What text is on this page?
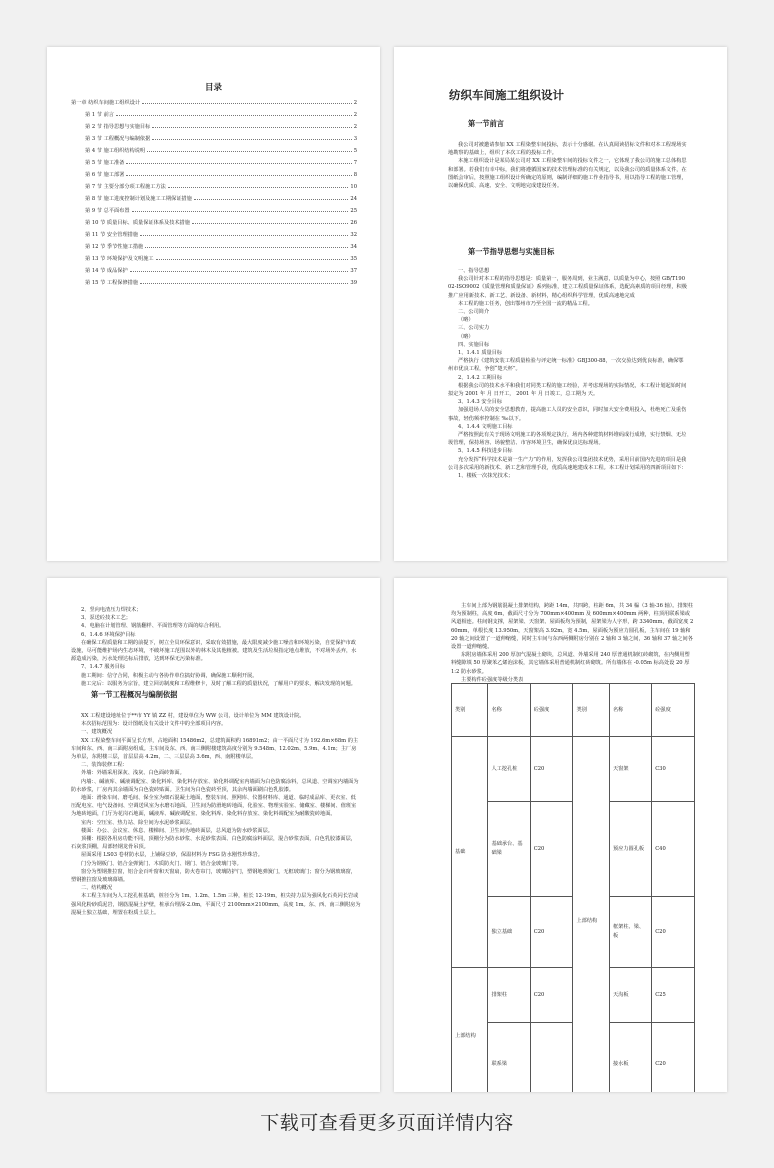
目录
第一章 纺织车间施工组织设计	2
第 1 节 前言	2
第 2 节 指导思想与实施目标	2
第 3 节 工程概况与编制依据	3
第 4 节 施工组织结构说明	5
第 5 节 施工准备	7
第 6 节 施工部署	8
第 7 节 主要分部分项工程施工方法	10
第 8 节 施工进度控制计划及施工工期保证措施	24
第 9 节 总平面布置	25
第 10 节 质量目标、质量保证体系及技术措施	26
第 11 节 安全管理措施	32
第 12 节 季节性施工措施	34
第 13 节 环境保护及文明施工	35
第 14 节 成品保护	37
第 15 节 工程保修措施	39
​
纺织车间施工组织设计
第一节前言

我公司对被邀请参加 XX 工程染整车间投标，表示十分感谢。在认真阅读招标文件和对本工程现场实地勘察的基础上，组织了本次工程的投标工作。

本施工组织设计是某局某公司对 XX 工程染整车间的投标文件之一，它体现了我公司的施工总体构思和部署。若我们有幸中标，我们将遵循国家的技术管理标准的有关规定，以及我公司的质量体系文件，在图纸会审后，按照施工组织设计所确定的原则，编制详细的施工作业指导书，用以指导工程的施工管理，以确保优质、高速、安全、文明地完成建设任务。

第一节指导思想与实施目标

一、指导思想

我公司针对本工程的指导思想是：质量第一，服务周到，业主满意，以质量为中心，按照 GB/T19002-ISO9002《质量管理和质量保证》系列标准，建立工程质量保证体系，选配高素质的项目经理，积极推广应用新技术、新工艺、新设备、新材料，精心组织科学管理，优质高速地完成

本工程的施工任务，创出鄂州市乃至全国一流的精品工程。

二、公司简介

（略）

三、公司实力

（略）

四、实施目标

1、1.4.1 质量目标

严格执行《建筑安装工程质量检验与评定统一标准》GBJ300-88，一次交验达到优良标准，确保鄂州市优良工程，争创“楚天杯”。

2、1.4.2 工期目标

根据我公司的技术水平和我们对同类工程的施工经验，并考虑现场的实际情况，本工程计划起始时间拟定为 2001 年 月 日开工， 2001 年 月 日竣工，总工期为 天。

3、1.4.3 安全目标

加强进场人员的安全思想教育，提高施工人员的安全意识，同时加大安全费用投入，杜绝死亡及重伤事故，轻伤频率控制在 ‰以下。

4、1.4.4 文明施工目标

严格按照此有关于现场文明施工的各项规定执行，场内各种建筑材料堆码成行成堆，实行禁烟、无垃圾管理，保持场容、场貌整洁、市容环境卫生，确保优良达标现场。

5、1.4.5 科技进步目标

充分发挥“科学技术是第一生产力”的作用，发挥我公司集团技术优势，采用目前国内先进的项目是我公司多次采用的新技术、新工艺和管理手段，优质高速地建成本工程。本工程计划采用的四新项目如下：

1、楼板一次抹光技术；

2、竖向电渣压力焊技术；

3、泵送砼技术工艺；

4、电脑在计划管理、钢筋翻样、平面管理等方面的综合利用。

6、1.4.6 环境保护目标

在确保工程质量和工期的前提下，树立全员环保意识，采取有效措施，最大限度减少施工噪音和环境污染，自觉保护市政设施，尽可能维护场内生态环境，不破坏施工范围以外的林木及其他植被。建筑及生活垃圾指定地点堆放，不对场外丢弃，水源造成污染，污水处理达标后排放，达到环保无污染标准。

7、1.4.7 服务目标

施工期间：信守合同，积极主动与各协作单位搞好协调，确保施工顺利开展。

施工完后：以服务为宗旨，建立回访制度和工程维修卡，及时了解工程的质量状况，了解用户的要求，解决发现的问题。

第一节工程概况与编制依据

XX 工程建设地址位于**市 YY 镇 ZZ 村，建设单位为 WW 公司，设计单位为 MM 建筑设计院。

本次招标范围为：设计图纸及有关设计文件中的全部项目内容。

一、建筑概况

XX 工程染整车间平面呈长方形，占地面积 15486m2，总建筑面积约 16891m2；由一平面尺寸为 192.6m×68m 的主车间和东、西、南三面附房组成。主车间及东、西、南三侧附楼建筑高度分别为 9.548m、12.02m、5.9m、4.1m；主厂房为单层，东附楼三层，首层层高 4.2m，二、三层层高 3.6m，西、南附楼单层。

二、装饰装修工程：

外墙：外墙采用深灰、浅灰、白色面砖饰面。

内墙：、碱液库、碱液调配室、染化料库、染化料存放室、染化料调配室内墙面为白色防腐涂料，总风道、空调室内墙面为防水砂浆，厂房内其余墙面为白色瓷砖贴面。卫生间为白色瓷砖至顶，其余内墙面刷白色乳胶漆。

地面：滑染车间、磨毛间、保全室为细石混凝土地面，整装车间、照网库、仪器材料库、通道、临时成品库、更衣室、低压配电室、电气设备间、空调送风室为水磨石地面，卫生间为防滑地砖地面，化验室、物理实验室、储藏室、楼梯间、值班室为地砖地面，门厅为花岗石地面，碱液库、碱液调配室、染化料库、染化料存放室、染化料调配室为耐酸瓷砖地面。

室内：空压室、热力站、除尘间为水泥砂浆面层。

楼面：办公、会议室、休息、楼梯间、卫生间为地砖面层，总风道为防水砂浆面层。

顶棚：根据各用房功能不同，顶棚分为防水砂浆、水泥砂浆表面、白色防腐涂料面层，混合砂浆表面，白色乳胶漆面层，石灰浆顶棚，局部轻钢龙骨吊顶。

屋面采用 LS03 卷材防水层，上铺绿豆砂，保温材料为 FSG 防水刚性珍珠岩。

门分为钢板门、铝合金弹簧门、木质防火门、钢门、铝合金玻璃门等。

窗分为塑钢推拉窗，铝合金百叶窗和天窗扇，防火卷帘门，玻璃防护门，塑钢地弹簧门，无框玻璃门；窗分为钢玻璃窗，塑钢推拉窗及玻璃幕墙。

二、结构概况

本工程主车间为人工挖孔桩基础，桩径分为 1m、1.2m、1.5m 三种，桩长 12-19m，桩尖持力层为强风化石英闪长岩或强风化粉砂质泥岩，钢筋混凝土护壁，桩承台埋深-2.0m，平面尺寸 2100mm×2100mm，高度 1m。东、西、南三侧附房为混凝土独立基础，埋置在粉质土层上。

主车间上部为钢筋混凝土排架结构，跨距 14m，共四跨，柱距 6m，共 34 榀（3 轴-36 轴）。排架柱均为预制柱，高度 6m，截面尺寸分为 700mm×400mm 及 600mm×400mm 两种，柱顶用联系梁或风道相连。柱间钢支撑，屋架梁、天窗架、屋面板均为预制，屋架梁为人字形，跨 3340mm，截面宽度 260mm，单根长度 13.950m，天窗架高 3.92m，宽 4.5m，屋面板为预应力圆孔板，主车间在 19 轴和 20 轴之间设置了一道伸缩缝，同时主车间与东西两侧附房分别在 2 轴和 3 轴之间，36 轴和 37 轴之间各设置一道伸缩缝。

东附房墙体采用 200 厚加气混凝土砌块，总风道、外墙采用 240 厚普通机制红砖砌筑，在内侧用塑料缝隙填 50 厚聚苯乙烯泡沫板，其它墙体采用普通机制红砖砌筑。所有墙体在 -0.05m 标高处设 20 厚 1:2 防水砂浆。

主要构件砼强度等级分类表

类别	名称	砼强度	类别	名称	砼强度
基础	人工挖孔桩	C20	上部结构	天窗架	C30
	基础承台、基础梁	C20		预应力圆孔板	C40
	独立基础	C20		框架柱、梁、板	C20
上部结构	排架柱	C20		天沟板	C25
	联系梁			接水板	C20
下载可查看更多页面详情内容
